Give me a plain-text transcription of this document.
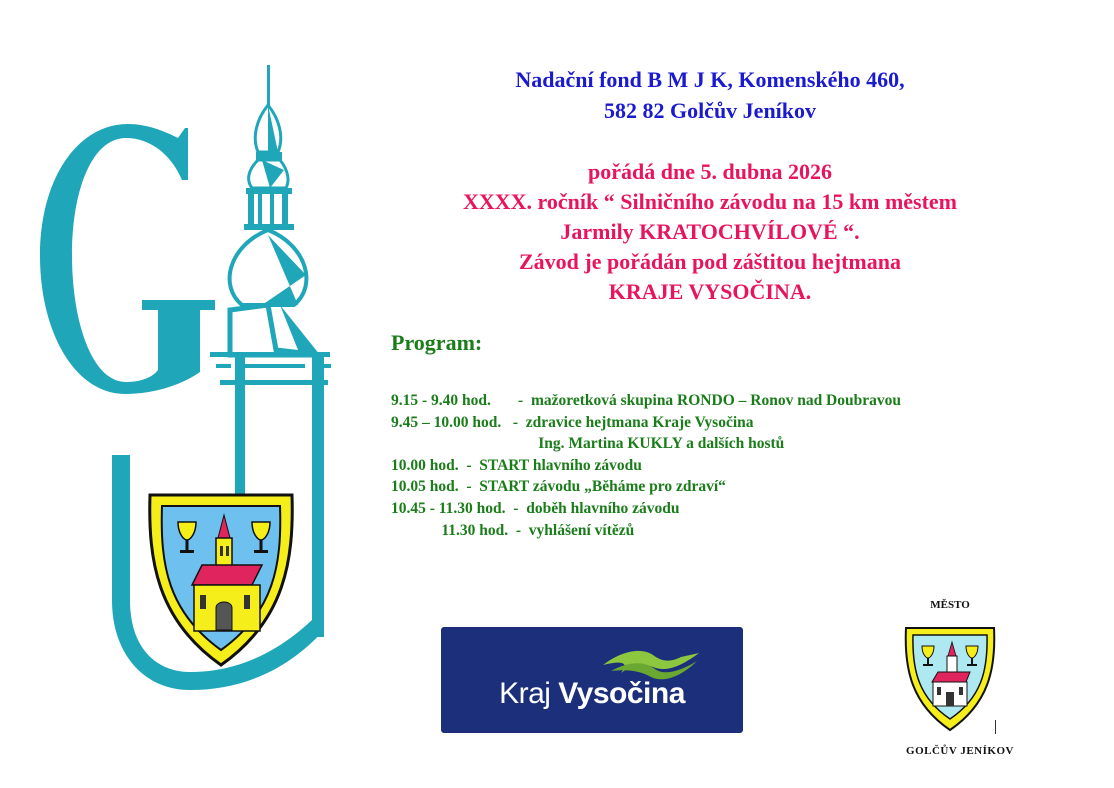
Nadační fond B M J K, Komenského 460,
582 82 Golčův Jeníkov
pořádá dne 5. dubna 2026
XXXX. ročník “ Silničního závodu na 15 km městem
Jarmily KRATOCHVÍLOVÉ “.
Závod je pořádán pod záštitou hejtmana
KRAJE VYSOČINA.
Program:
9.15 - 9.40 hod.       -  mažoretková skupina RONDO – Ronov nad Doubravou
9.45 – 10.00 hod.   -  zdravice hejtmana Kraje Vysočina
Ing. Martina KUKLY a dalších hostů
10.00 hod.  -  START hlavního závodu
10.05 hod.  -  START závodu „Běháme pro zdraví“
10.45 - 11.30 hod.  -  doběh hlavního závodu
11.30 hod.  -  vyhlášení vítězů
Kraj Vysočina
MĚSTO
GOLČŮV JENÍKOV
